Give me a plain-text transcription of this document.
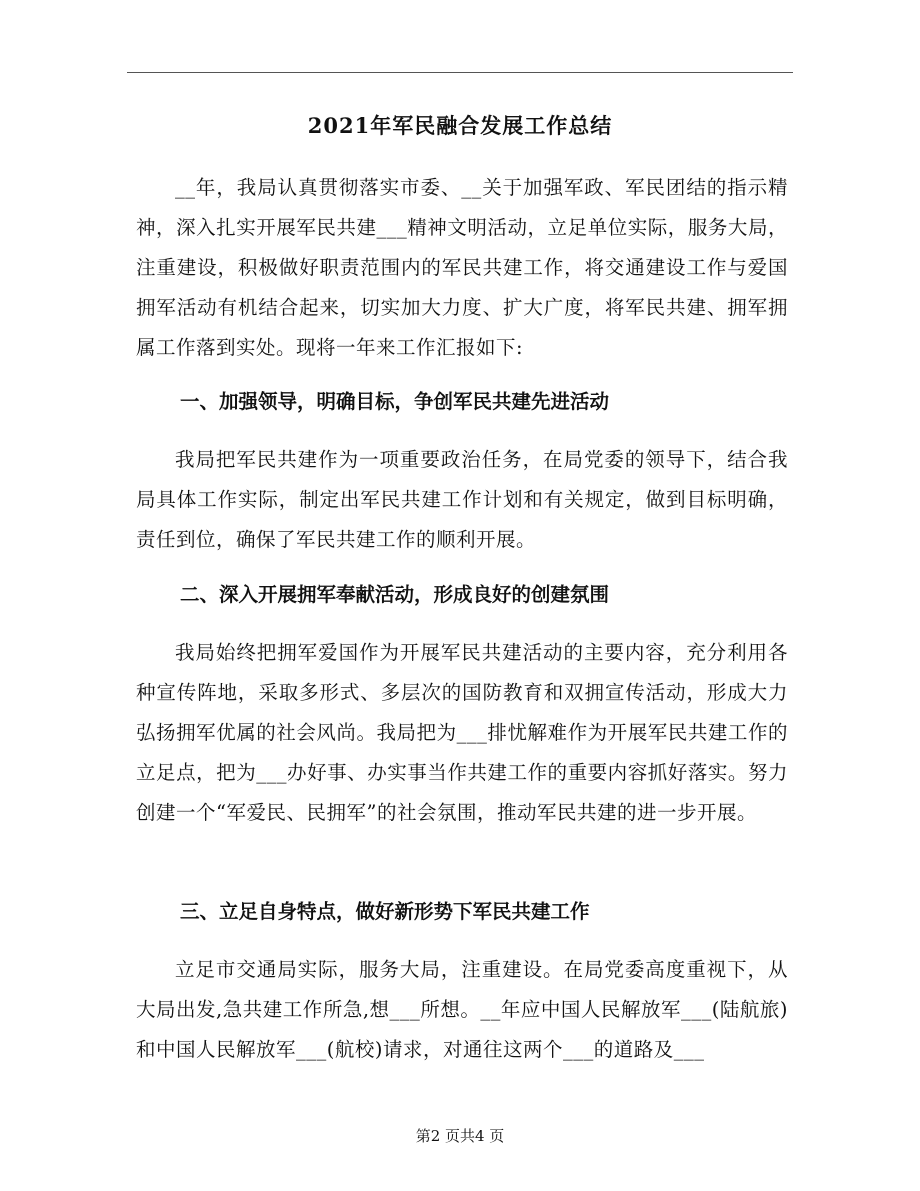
2021年军民融合发展工作总结

__年，我局认真贯彻落实市委、__关于加强军政、军民团结的指示精神，深入扎实开展军民共建___精神文明活动，立足单位实际，服务大局，注重建设，积极做好职责范围内的军民共建工作，将交通建设工作与爱国拥军活动有机结合起来，切实加大力度、扩大广度，将军民共建、拥军拥属工作落到实处。现将一年来工作汇报如下:

一、加强领导，明确目标，争创军民共建先进活动

我局把军民共建作为一项重要政治任务，在局党委的领导下，结合我局具体工作实际，制定出军民共建工作计划和有关规定，做到目标明确，责任到位，确保了军民共建工作的顺利开展。

二、深入开展拥军奉献活动，形成良好的创建氛围

我局始终把拥军爱国作为开展军民共建活动的主要内容，充分利用各种宣传阵地，采取多形式、多层次的国防教育和双拥宣传活动，形成大力弘扬拥军优属的社会风尚。我局把为___排忧解难作为开展军民共建工作的立足点，把为___办好事、办实事当作共建工作的重要内容抓好落实。努力创建一个“军爱民、民拥军”的社会氛围，推动军民共建的进一步开展。

三、立足自身特点，做好新形势下军民共建工作

立足市交通局实际，服务大局，注重建设。在局党委高度重视下，从大局出发,急共建工作所急,想___所想。__年应中国人民解放军___(陆航旅)和中国人民解放军___(航校)请求，对通往这两个___的道路及___

第2 页共4 页
